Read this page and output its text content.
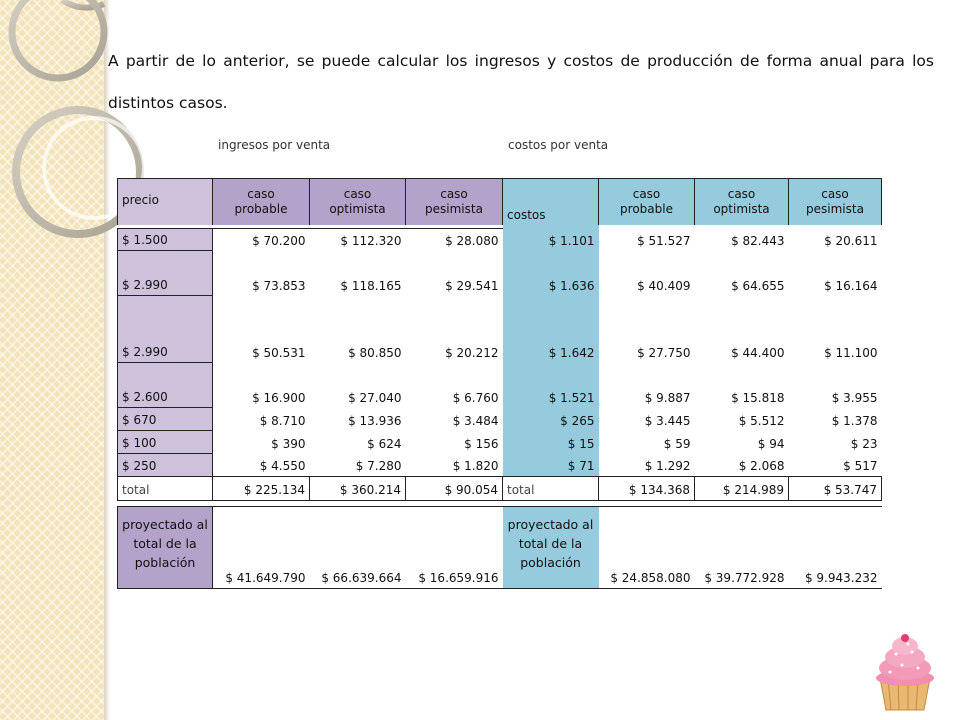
A partir de lo anterior, se puede calcular los ingresos y costos de producción de forma anual para los distintos casos.

ingresos por venta	costos por venta
precio	caso probable	caso optimista	caso pesimista	costos	caso probable	caso optimista	caso pesimista

$ 1.500	$ 70.200	$ 112.320	$ 28.080	$ 1.101	$ 51.527	$ 82.443	$ 20.611
$ 2.990	$ 73.853	$ 118.165	$ 29.541	$ 1.636	$ 40.409	$ 64.655	$ 16.164
$ 2.990	$ 50.531	$ 80.850	$ 20.212	$ 1.642	$ 27.750	$ 44.400	$ 11.100
$ 2.600	$ 16.900	$ 27.040	$ 6.760	$ 1.521	$ 9.887	$ 15.818	$ 3.955
$ 670	$ 8.710	$ 13.936	$ 3.484	$ 265	$ 3.445	$ 5.512	$ 1.378
$ 100	$ 390	$ 624	$ 156	$ 15	$ 59	$ 94	$ 23
$ 250	$ 4.550	$ 7.280	$ 1.820	$ 71	$ 1.292	$ 2.068	$ 517
total	$ 225.134	$ 360.214	$ 90.054	total	$ 134.368	$ 214.989	$ 53.747

proyectado al total de la población	$ 41.649.790	$ 66.639.664	$ 16.659.916	proyectado al total de la población	$ 24.858.080	$ 39.772.928	$ 9.943.232
